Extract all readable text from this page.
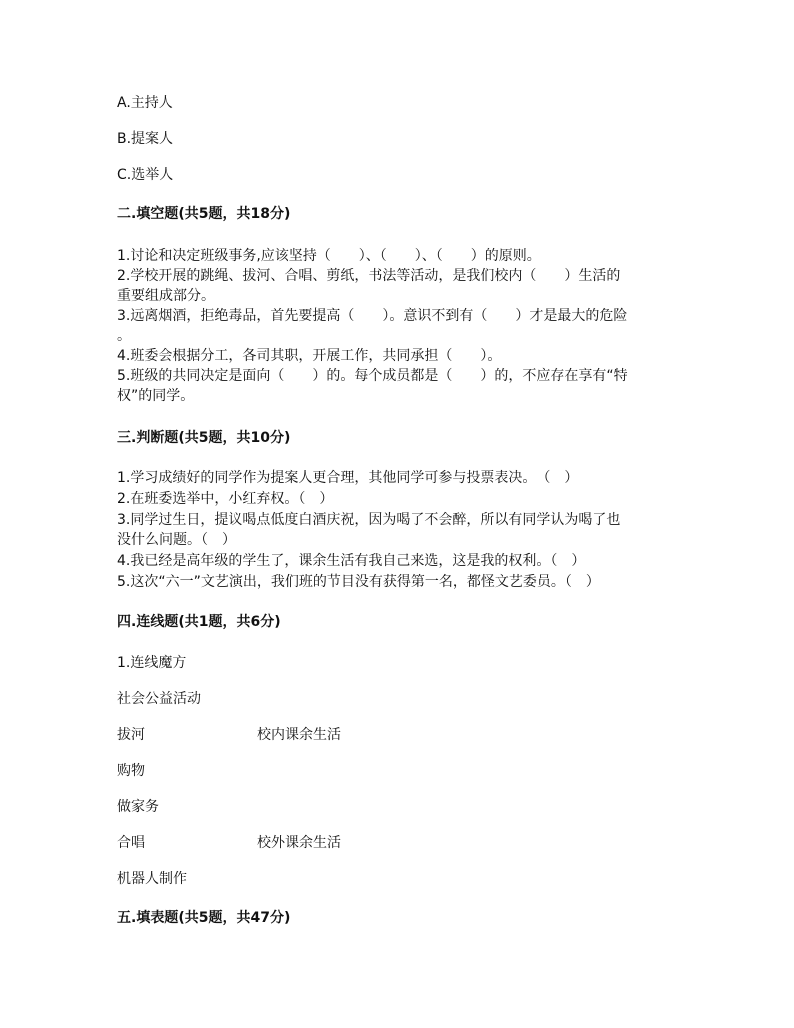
A.主持人
B.提案人
C.选举人
二.填空题(共5题，共18分)
1.讨论和决定班级事务,应该坚持（　　）、（　　）、（　　）的原则。
2.学校开展的跳绳、拔河、合唱、剪纸，书法等活动，是我们校内（　　）生活的
重要组成部分。
3.远离烟酒，拒绝毒品，首先要提高（　　）。意识不到有（　　）才是最大的危险
。
4.班委会根据分工，各司其职，开展工作，共同承担（　　）。
5.班级的共同决定是面向（　　）的。每个成员都是（　　）的，不应存在享有“特
权”的同学。
三.判断题(共5题，共10分)
1.学习成绩好的同学作为提案人更合理，其他同学可参与投票表决。　（　）
2.在班委选举中，小红弃权。（　）
3.同学过生日，提议喝点低度白酒庆祝，因为喝了不会醉，所以有同学认为喝了也
没什么问题。（　）
4.我已经是高年级的学生了，课余生活有我自己来选，这是我的权利。（　）
5.这次“六一”文艺演出，我们班的节目没有获得第一名，都怪文艺委员。（　）
四.连线题(共1题，共6分)
1.连线魔方
社会公益活动
拔河	校内课余生活
购物
做家务
合唱	校外课余生活
机器人制作
五.填表题(共5题，共47分)
